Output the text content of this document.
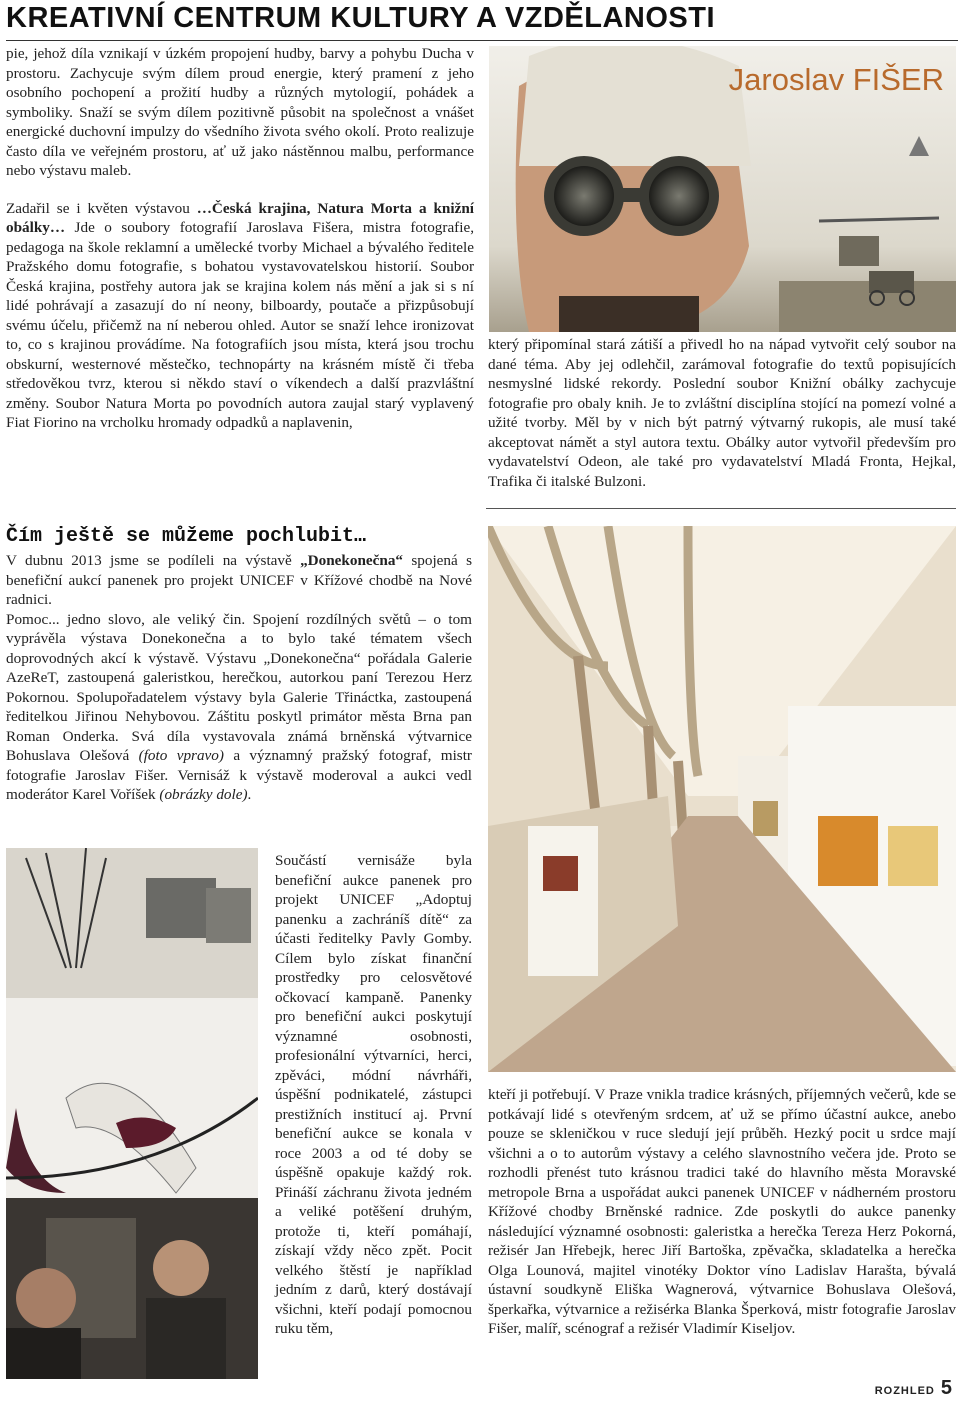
KREATIVNÍ CENTRUM KULTURY A VZDĚLANOSTI

pie, jehož díla vznikají v úzkém propojení hudby, barvy a pohybu Ducha v prostoru. Zachycuje svým dílem proud energie, který pramení z jeho osobního pochopení a prožití hudby a různých mytologií, pohádek a symboliky. Snaží se svým dílem pozitivně působit na společnost a vnášet energické duchovní impulzy do všedního života svého okolí. Proto realizuje často díla ve veřejném prostoru, ať už jako nástěnnou malbu, performance nebo výstavu maleb.

Zadařil se i květen výstavou …Česká krajina, Natura Morta a knižní obálky… Jde o soubory fotografií Jaroslava Fišera, mistra fotografie, pedagoga na škole reklamní a umělecké tvorby Michael a bývalého ředitele Pražského domu fotografie, s bohatou vystavovatelskou historií. Soubor Česká krajina, postřehy autora jak se krajina kolem nás mění a jak si s ní lidé pohrávají a zasazují do ní neony, bilboardy, poutače a přizpůsobují svému účelu, přičemž na ní neberou ohled. Autor se snaží lehce ironizovat to, co s krajinou provádíme. Na fotografiích jsou místa, která jsou trochu obskurní, westernové městečko, technopárty na krásném místě či třeba středověkou tvrz, kterou si někdo staví o víkendech a další prazvláštní změny. Soubor Natura Morta po povodních autora zaujal starý vyplavený Fiat Fiorino na vrcholku hromady odpadků a naplavenin,

Jaroslav FIŠER

který připomínal stará zátiší a přivedl ho na nápad vytvořit celý soubor na dané téma. Aby jej odlehčil, zarámoval fotografie do textů popisujících nesmyslné lidské rekordy. Poslední soubor Knižní obálky zachycuje fotografie pro obaly knih. Je to zvláštní disciplína stojící na pomezí volné a užité tvorby. Měl by v nich být patrný výtvarný rukopis, ale musí také akceptovat námět a styl autora textu. Obálky autor vytvořil především pro vydavatelství Odeon, ale také pro vydavatelství Mladá Fronta, Hejkal, Trafika či italské Bulzoni.

Čím ještě se můžeme pochlubit…

V dubnu 2013 jsme se podíleli na výstavě „Donekonečna“ spojená s benefiční aukcí panenek pro projekt UNICEF v Křížové chodbě na Nové radnici.

Pomoc... jedno slovo, ale veliký čin. Spojení rozdílných světů – o tom vyprávěla výstava Donekonečna a to bylo také tématem všech doprovodných akcí k výstavě. Výstavu „Donekonečna“ pořádala Galerie AzeReT, zastoupená galeristkou, herečkou, autorkou paní Terezou Herz Pokornou. Spolupořadatelem výstavy byla Galerie Třináctka, zastoupená ředitelkou Jiřinou Nehybovou. Záštitu poskytl primátor města Brna pan Roman Onderka. Svá díla vystavovala známá brněnská výtvarnice Bohuslava Olešová (foto vpravo) a významný pražský fotograf, mistr fotografie Jaroslav Fišer. Vernisáž k výstavě moderoval a aukci vedl moderátor Karel Voříšek (obrázky dole).

Součástí vernisáže byla benefiční aukce panenek pro projekt UNICEF „Adoptuj panenku a zachráníš dítě“ za účasti ředitelky Pavly Gomby. Cílem bylo získat finanční prostředky pro celosvětové očkovací kampaně. Panenky pro benefiční aukci poskytují významné osobnosti, profesionální výtvarníci, herci, zpěváci, módní návrháři, úspěšní podnikatelé, zástupci prestižních institucí aj. První benefiční aukce se konala v roce 2003 a od té doby se úspěšně opakuje každý rok. Přináší záchranu života jedném a veliké potěšení druhým, protože ti, kteří pomáhají, získají vždy něco zpět. Pocit velkého štěstí je například jedním z darů, který dostávají všichni, kteří podají pomocnou ruku těm,

kteří ji potřebují. V Praze vnikla tradice krásných, příjemných večerů, kde se potkávají lidé s otevřeným srdcem, ať už se přímo účastní aukce, anebo pouze se skleničkou v ruce sledují její průběh. Hezký pocit u srdce mají všichni a o to autorům výstavy a celého slavnostního večera jde. Proto se rozhodli přenést tuto krásnou tradici také do hlavního města Moravské metropole Brna a uspořádat aukci panenek UNICEF v nádherném prostoru Křížové chodby Brněnské radnice. Zde poskytli do aukce panenky následující významné osobnosti: galeristka a herečka Tereza Herz Pokorná, režisér Jan Hřebejk, herec Jiří Bartoška, zpěvačka, skladatelka a herečka Olga Lounová, majitel vinotéky Doktor víno Ladislav Harašta, bývalá ústavní soudkyně Eliška Wagnerová, výtvarnice Bohuslava Olešová, šperkařka, výtvarnice a režisérka Blanka Šperková, mistr fotografie Jaroslav Fišer, malíř, scénograf a režisér Vladimír Kiseljov.

ROZHLED 5
